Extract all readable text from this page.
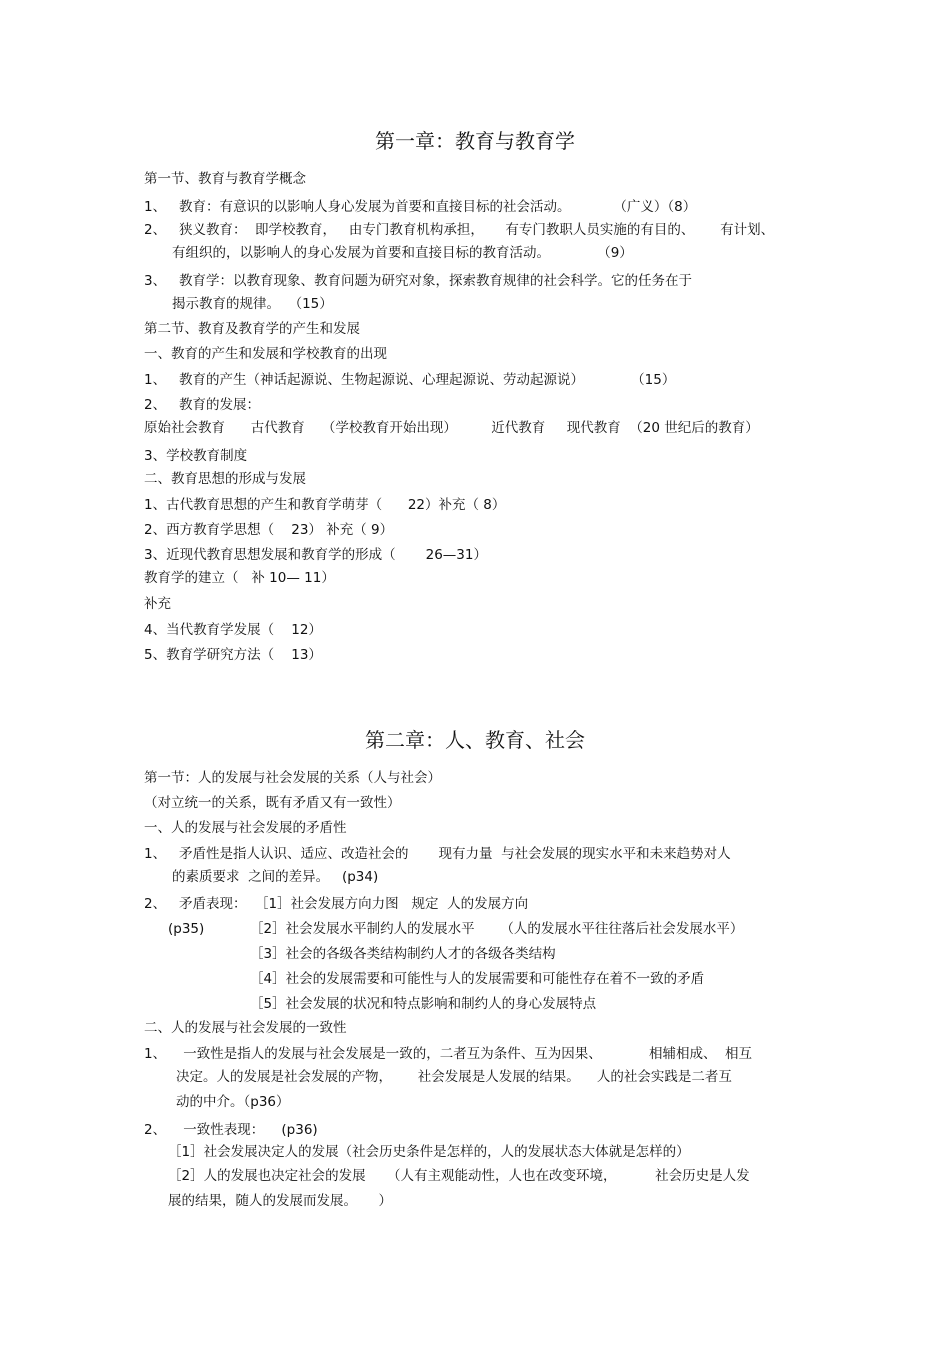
第一章：教育与教育学
第一节、教育与教育学概念
1、   教育：有意识的以影响人身心发展为首要和直接目标的社会活动。          （广义）（8）
2、   狭义教育：  即学校教育，   由专门教育机构承担，     有专门教职人员实施的有目的、      有计划、
有组织的，以影响人的身心发展为首要和直接目标的教育活动。           （9）
3、   教育学：以教育现象、教育问题为研究对象，探索教育规律的社会科学。它的任务在于
揭示教育的规律。  （15）
第二节、教育及教育学的产生和发展
一、教育的产生和发展和学校教育的出现
1、   教育的产生（神话起源说、生物起源说、心理起源说、劳动起源说）           （15）
2、   教育的发展：
原始社会教育      古代教育    （学校教育开始出现）        近代教育     现代教育  （20 世纪后的教育）
3、学校教育制度
二、教育思想的形成与发展
1、古代教育思想的产生和教育学萌芽（      22）补充（ 8）
2、西方教育学思想（    23） 补充（ 9）
3、近现代教育思想发展和教育学的形成（       26—31）
教育学的建立（   补 10— 11）
补充
4、当代教育学发展（    12）
5、教育学研究方法（    13）
第二章：人、教育、社会
第一节：人的发展与社会发展的关系（人与社会）
（对立统一的关系，既有矛盾又有一致性）
一、人的发展与社会发展的矛盾性
1、   矛盾性是指人认识、适应、改造社会的       现有力量  与社会发展的现实水平和未来趋势对人
的素质要求  之间的差异。   (p34)
2、   矛盾表现：  ［1］社会发展方向力图   规定  人的发展方向
(p35)	［2］社会发展水平制约人的发展水平      （人的发展水平往往落后社会发展水平）
［3］社会的各级各类结构制约人才的各级各类结构
［4］社会的发展需要和可能性与人的发展需要和可能性存在着不一致的矛盾
［5］社会发展的状况和特点影响和制约人的身心发展特点
二、人的发展与社会发展的一致性
1、    一致性是指人的发展与社会发展是一致的，二者互为条件、互为因果、           相辅相成、  相互
决定。人的发展是社会发展的产物，      社会发展是人发展的结果。    人的社会实践是二者互
动的中介。（p36）
2、    一致性表现：    (p36)
［1］社会发展决定人的发展（社会历史条件是怎样的，人的发展状态大体就是怎样的）
［2］人的发展也决定社会的发展     （人有主观能动性，人也在改变环境，         社会历史是人发
展的结果，随人的发展而发展。     ）
